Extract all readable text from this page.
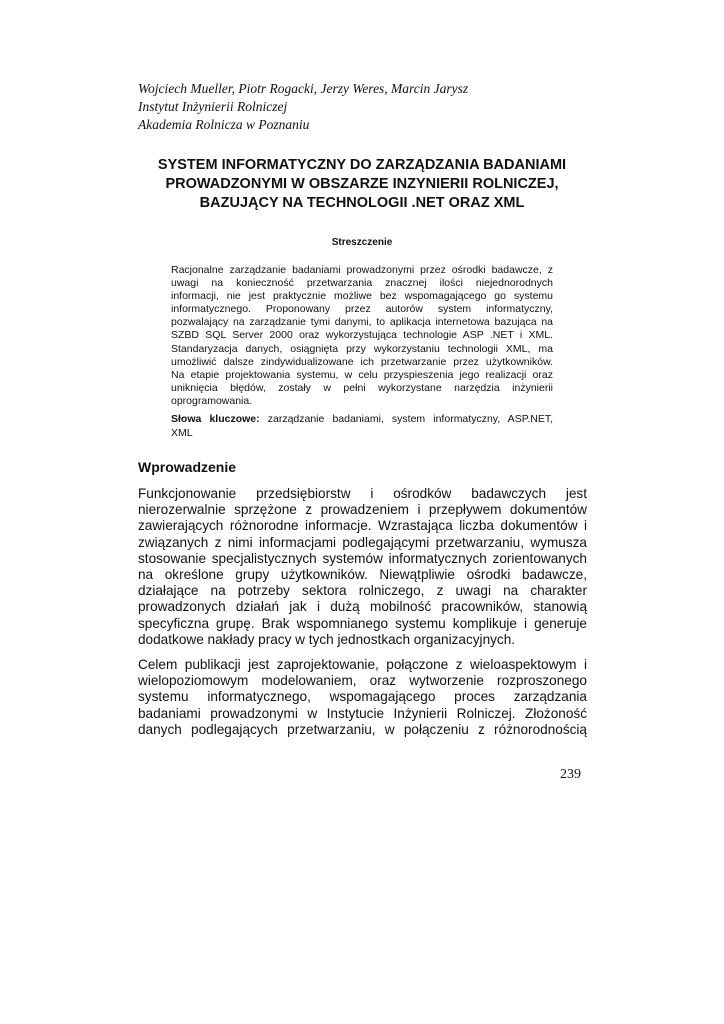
Wojciech Mueller, Piotr Rogacki, Jerzy Weres, Marcin Jarysz
Instytut Inżynierii Rolniczej
Akademia Rolnicza w Poznaniu
SYSTEM INFORMATYCZNY DO ZARZĄDZANIA BADANIAMI
PROWADZONYMI W OBSZARZE INZYNIERII ROLNICZEJ,
BAZUJĄCY NA TECHNOLOGII .NET ORAZ XML
Streszczenie
Racjonalne zarządzanie badaniami prowadzonymi przez ośrodki badawcze, z
uwagi na konieczność przetwarzania znacznej ilości niejednorodnych
informacji, nie jest praktycznie możliwe bez wspomagającego go systemu
informatycznego. Proponowany przez autorów system informatyczny,
pozwalający na zarządzanie tymi danymi, to aplikacja internetowa bazująca na
SZBD SQL Server 2000 oraz wykorzystująca technologie ASP .NET i XML.
Standaryzacja danych, osiągnięta przy wykorzystaniu technologii XML, ma
umożliwić dalsze zindywidualizowane ich przetwarzanie przez użytkowników.
Na etapie projektowania systemu, w celu przyspieszenia jego realizacji oraz
uniknięcia błędów, zostały w pełni wykorzystane narzędzia inżynierii
oprogramowania.
Słowa kluczowe: zarządzanie badaniami, system informatyczny, ASP.NET,
XML
Wprowadzenie
Funkcjonowanie przedsiębiorstw i ośrodków badawczych jest
nierozerwalnie sprzężone z prowadzeniem i przepływem dokumentów
zawierających różnorodne informacje. Wzrastająca liczba dokumentów i
związanych z nimi informacjami podlegającymi przetwarzaniu, wymusza
stosowanie specjalistycznych systemów informatycznych zorientowanych
na określone grupy użytkowników. Niewątpliwie ośrodki badawcze,
działające na potrzeby sektora rolniczego, z uwagi na charakter
prowadzonych działań jak i dużą mobilność pracowników, stanowią
specyficzna grupę. Brak wspomnianego systemu komplikuje i generuje
dodatkowe nakłady pracy w tych jednostkach organizacyjnych.
Celem publikacji jest zaprojektowanie, połączone z wieloaspektowym i
wielopoziomowym modelowaniem, oraz wytworzenie rozproszonego
systemu informatycznego, wspomagającego proces zarządzania
badaniami prowadzonymi w Instytucie Inżynierii Rolniczej. Złożoność
danych podlegających przetwarzaniu, w połączeniu z różnorodnością
239
